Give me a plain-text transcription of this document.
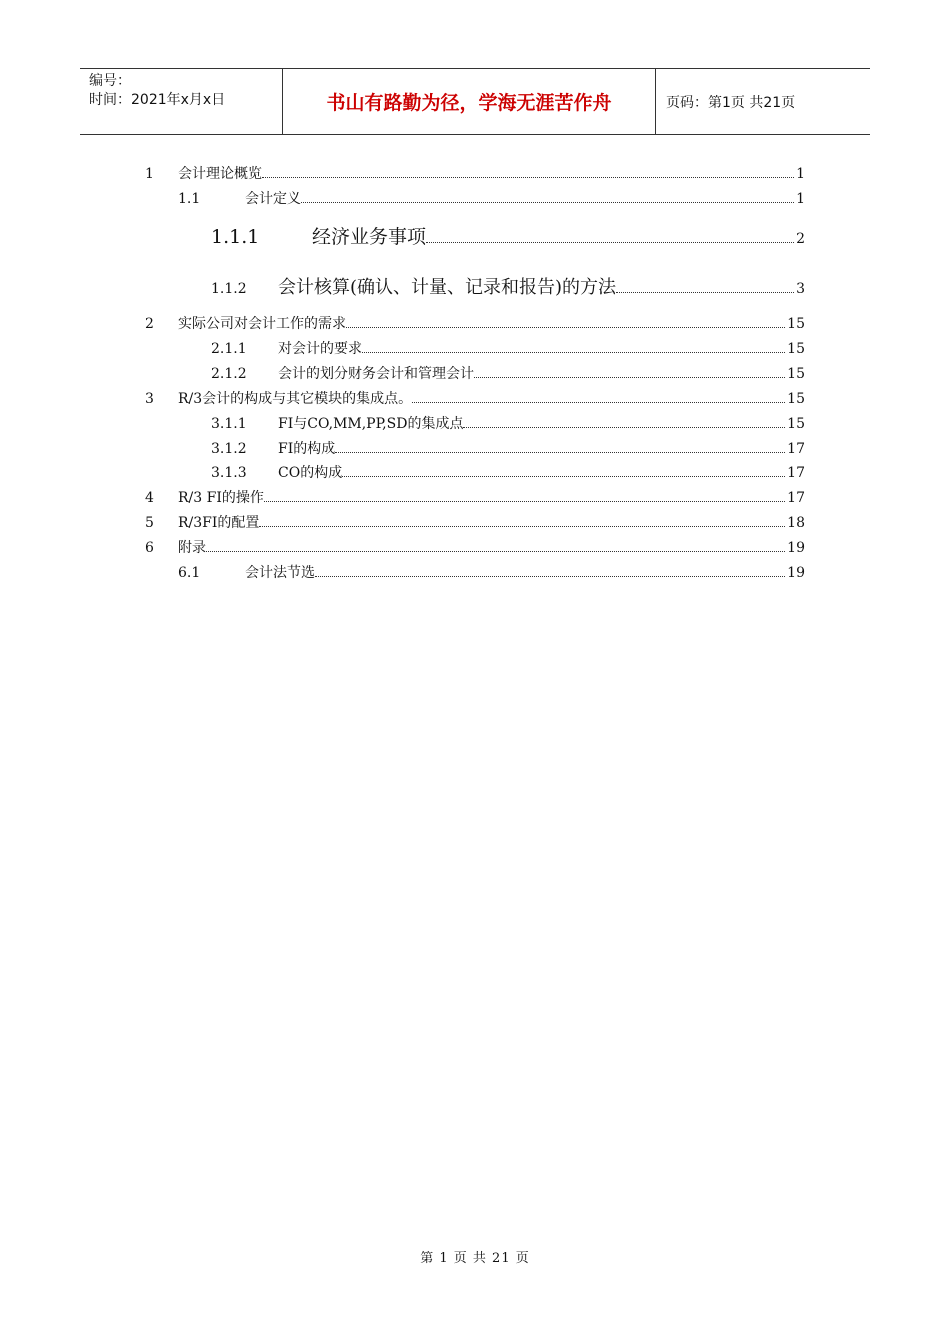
编号：
时间：2021年x月x日	书山有路勤为径，学海无涯苦作舟	页码：第1页 共21页
1	会计理论概览	1
1.1	会计定义	1
1.1.1	经济业务事项	2
1.1.2	会计核算(确认、计量、记录和报告)的方法	3
2	实际公司对会计工作的需求	15
2.1.1	对会计的要求	15
2.1.2	会计的划分财务会计和管理会计	15
3	R/3会计的构成与其它模块的集成点。	15
3.1.1	FI与CO,MM,PP,SD的集成点	15
3.1.2	FI的构成	17
3.1.3	CO的构成	17
4	R/3 FI的操作	17
5	R/3FI的配置	18
6	附录	19
6.1	会计法节选	19
第 1 页 共 21 页
